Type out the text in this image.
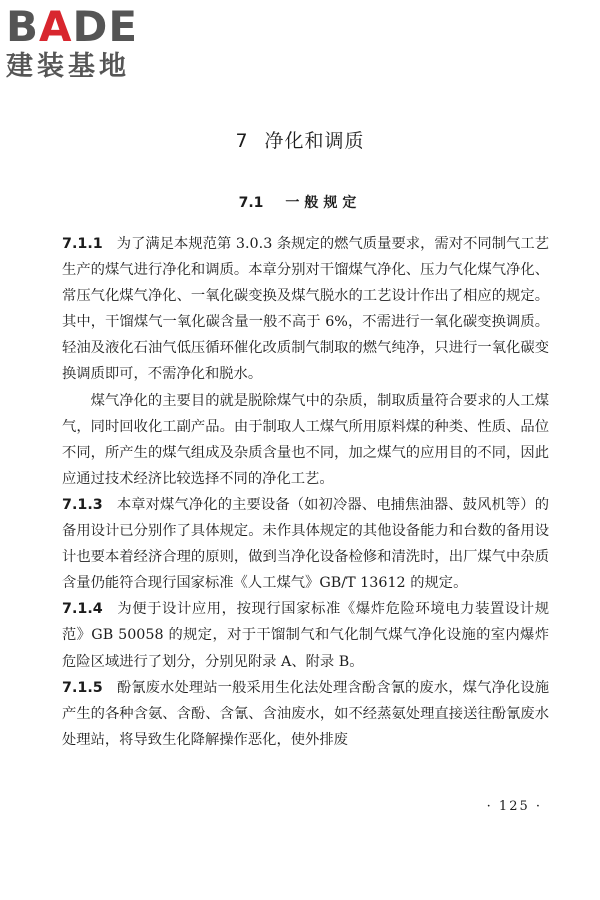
BADE
建装基地
7 净化和调质
7.1 一般规定

7.1.1 为了满足本规范第 3.0.3 条规定的燃气质量要求，需对不同制气工艺生产的煤气进行净化和调质。本章分别对干馏煤气净化、压力气化煤气净化、常压气化煤气净化、一氧化碳变换及煤气脱水的工艺设计作出了相应的规定。其中，干馏煤气一氧化碳含量一般不高于 6%，不需进行一氧化碳变换调质。轻油及液化石油气低压循环催化改质制气制取的燃气纯净，只进行一氧化碳变换调质即可，不需净化和脱水。

煤气净化的主要目的就是脱除煤气中的杂质，制取质量符合要求的人工煤气，同时回收化工副产品。由于制取人工煤气所用原料煤的种类、性质、品位不同，所产生的煤气组成及杂质含量也不同，加之煤气的应用目的不同，因此应通过技术经济比较选择不同的净化工艺。

7.1.3 本章对煤气净化的主要设备（如初冷器、电捕焦油器、鼓风机等）的备用设计已分别作了具体规定。未作具体规定的其他设备能力和台数的备用设计也要本着经济合理的原则，做到当净化设备检修和清洗时，出厂煤气中杂质含量仍能符合现行国家标准《人工煤气》GB/T 13612 的规定。

7.1.4 为便于设计应用，按现行国家标准《爆炸危险环境电力装置设计规范》GB 50058 的规定，对于干馏制气和气化制气煤气净化设施的室内爆炸危险区域进行了划分，分别见附录 A、附录 B。

7.1.5 酚氰废水处理站一般采用生化法处理含酚含氰的废水，煤气净化设施产生的各种含氨、含酚、含氰、含油废水，如不经蒸氨处理直接送往酚氰废水处理站，将导致生化降解操作恶化，使外排废

· 125 ·
